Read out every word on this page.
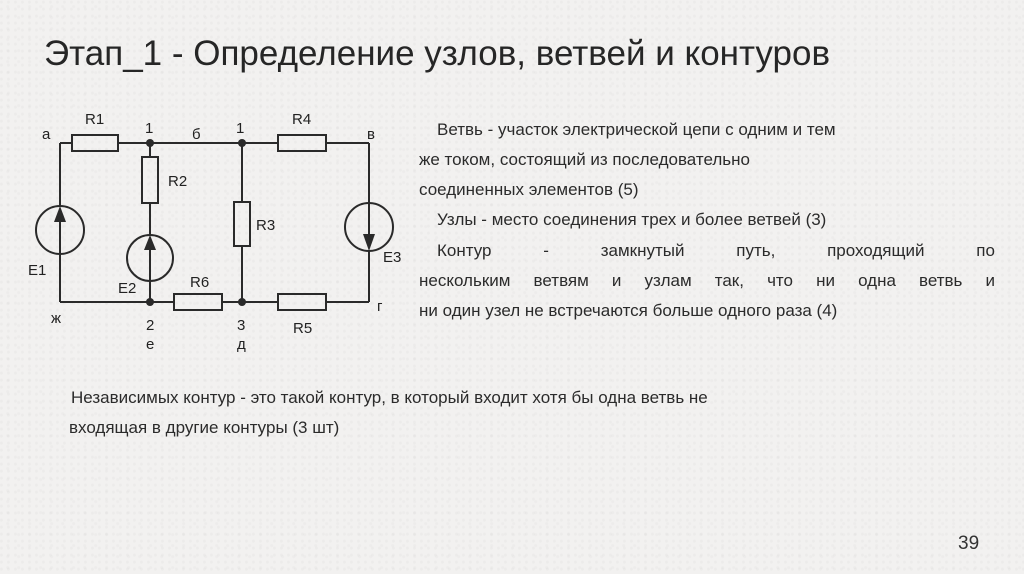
Этап_1 - Определение узлов, ветвей и контуров
а
R1
1	б 1
R4
в
R2
R3
E1
E2	R6
E3
г
ж	2
е
3
д
R5
Ветвь - участок электрической цепи с одним и тем
же током, состоящий из последовательно
соединенных элементов (5)
Узлы - место соединения трех и более ветвей (3)
Контур	-	замкнутый	путь,	проходящий	по
нескольким ветвям и узлам так, что ни одна ветвь и
ни один узел не встречаются больше одного раза (4)
Независимых контур - это такой контур, в который входит хотя бы одна ветвь не
входящая в другие контуры (3 шт)
39
